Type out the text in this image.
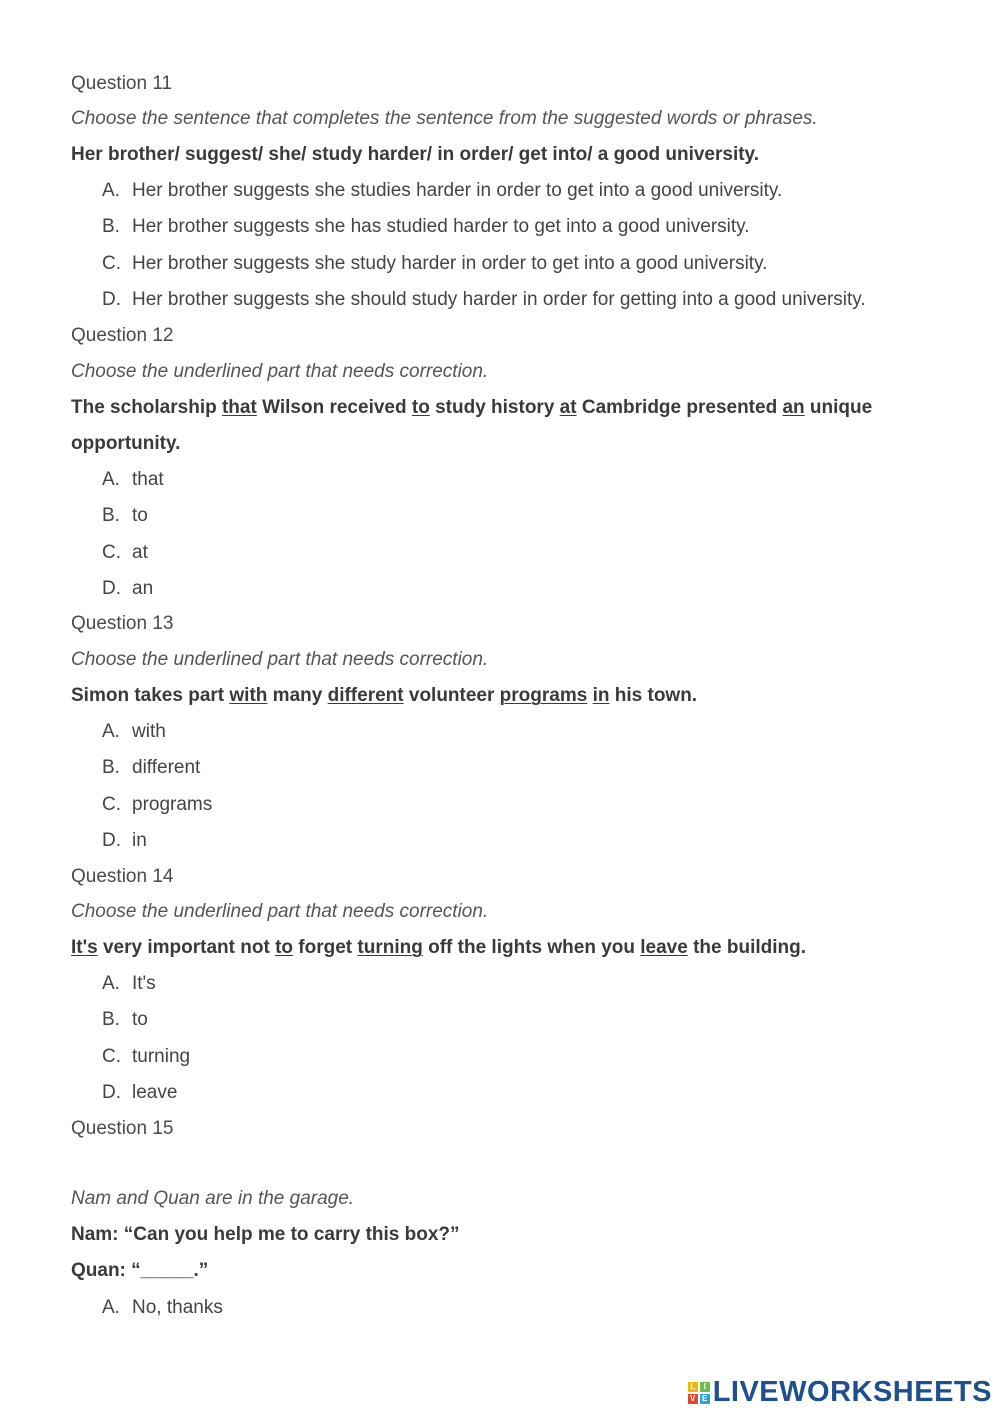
Question 11
Choose the sentence that completes the sentence from the suggested words or phrases.
Her brother/ suggest/ she/ study harder/ in order/ get into/ a good university.
A. Her brother suggests she studies harder in order to get into a good university.
B. Her brother suggests she has studied harder to get into a good university.
C. Her brother suggests she study harder in order to get into a good university.
D. Her brother suggests she should study harder in order for getting into a good university.
Question 12
Choose the underlined part that needs correction.
The scholarship that Wilson received to study history at Cambridge presented an unique
opportunity.
A. that
B. to
C. at
D. an
Question 13
Choose the underlined part that needs correction.
Simon takes part with many different volunteer programs in his town.
A. with
B. different
C. programs
D. in
Question 14
Choose the underlined part that needs correction.
It's very important not to forget turning off the lights when you leave the building.
A. It's
B. to
C. turning
D. leave
Question 15
Nam and Quan are in the garage.
Nam: “Can you help me to carry this box?”
Quan: “_____.”
A. No, thanks
L	I
V E LIVEWORKSHEETS
